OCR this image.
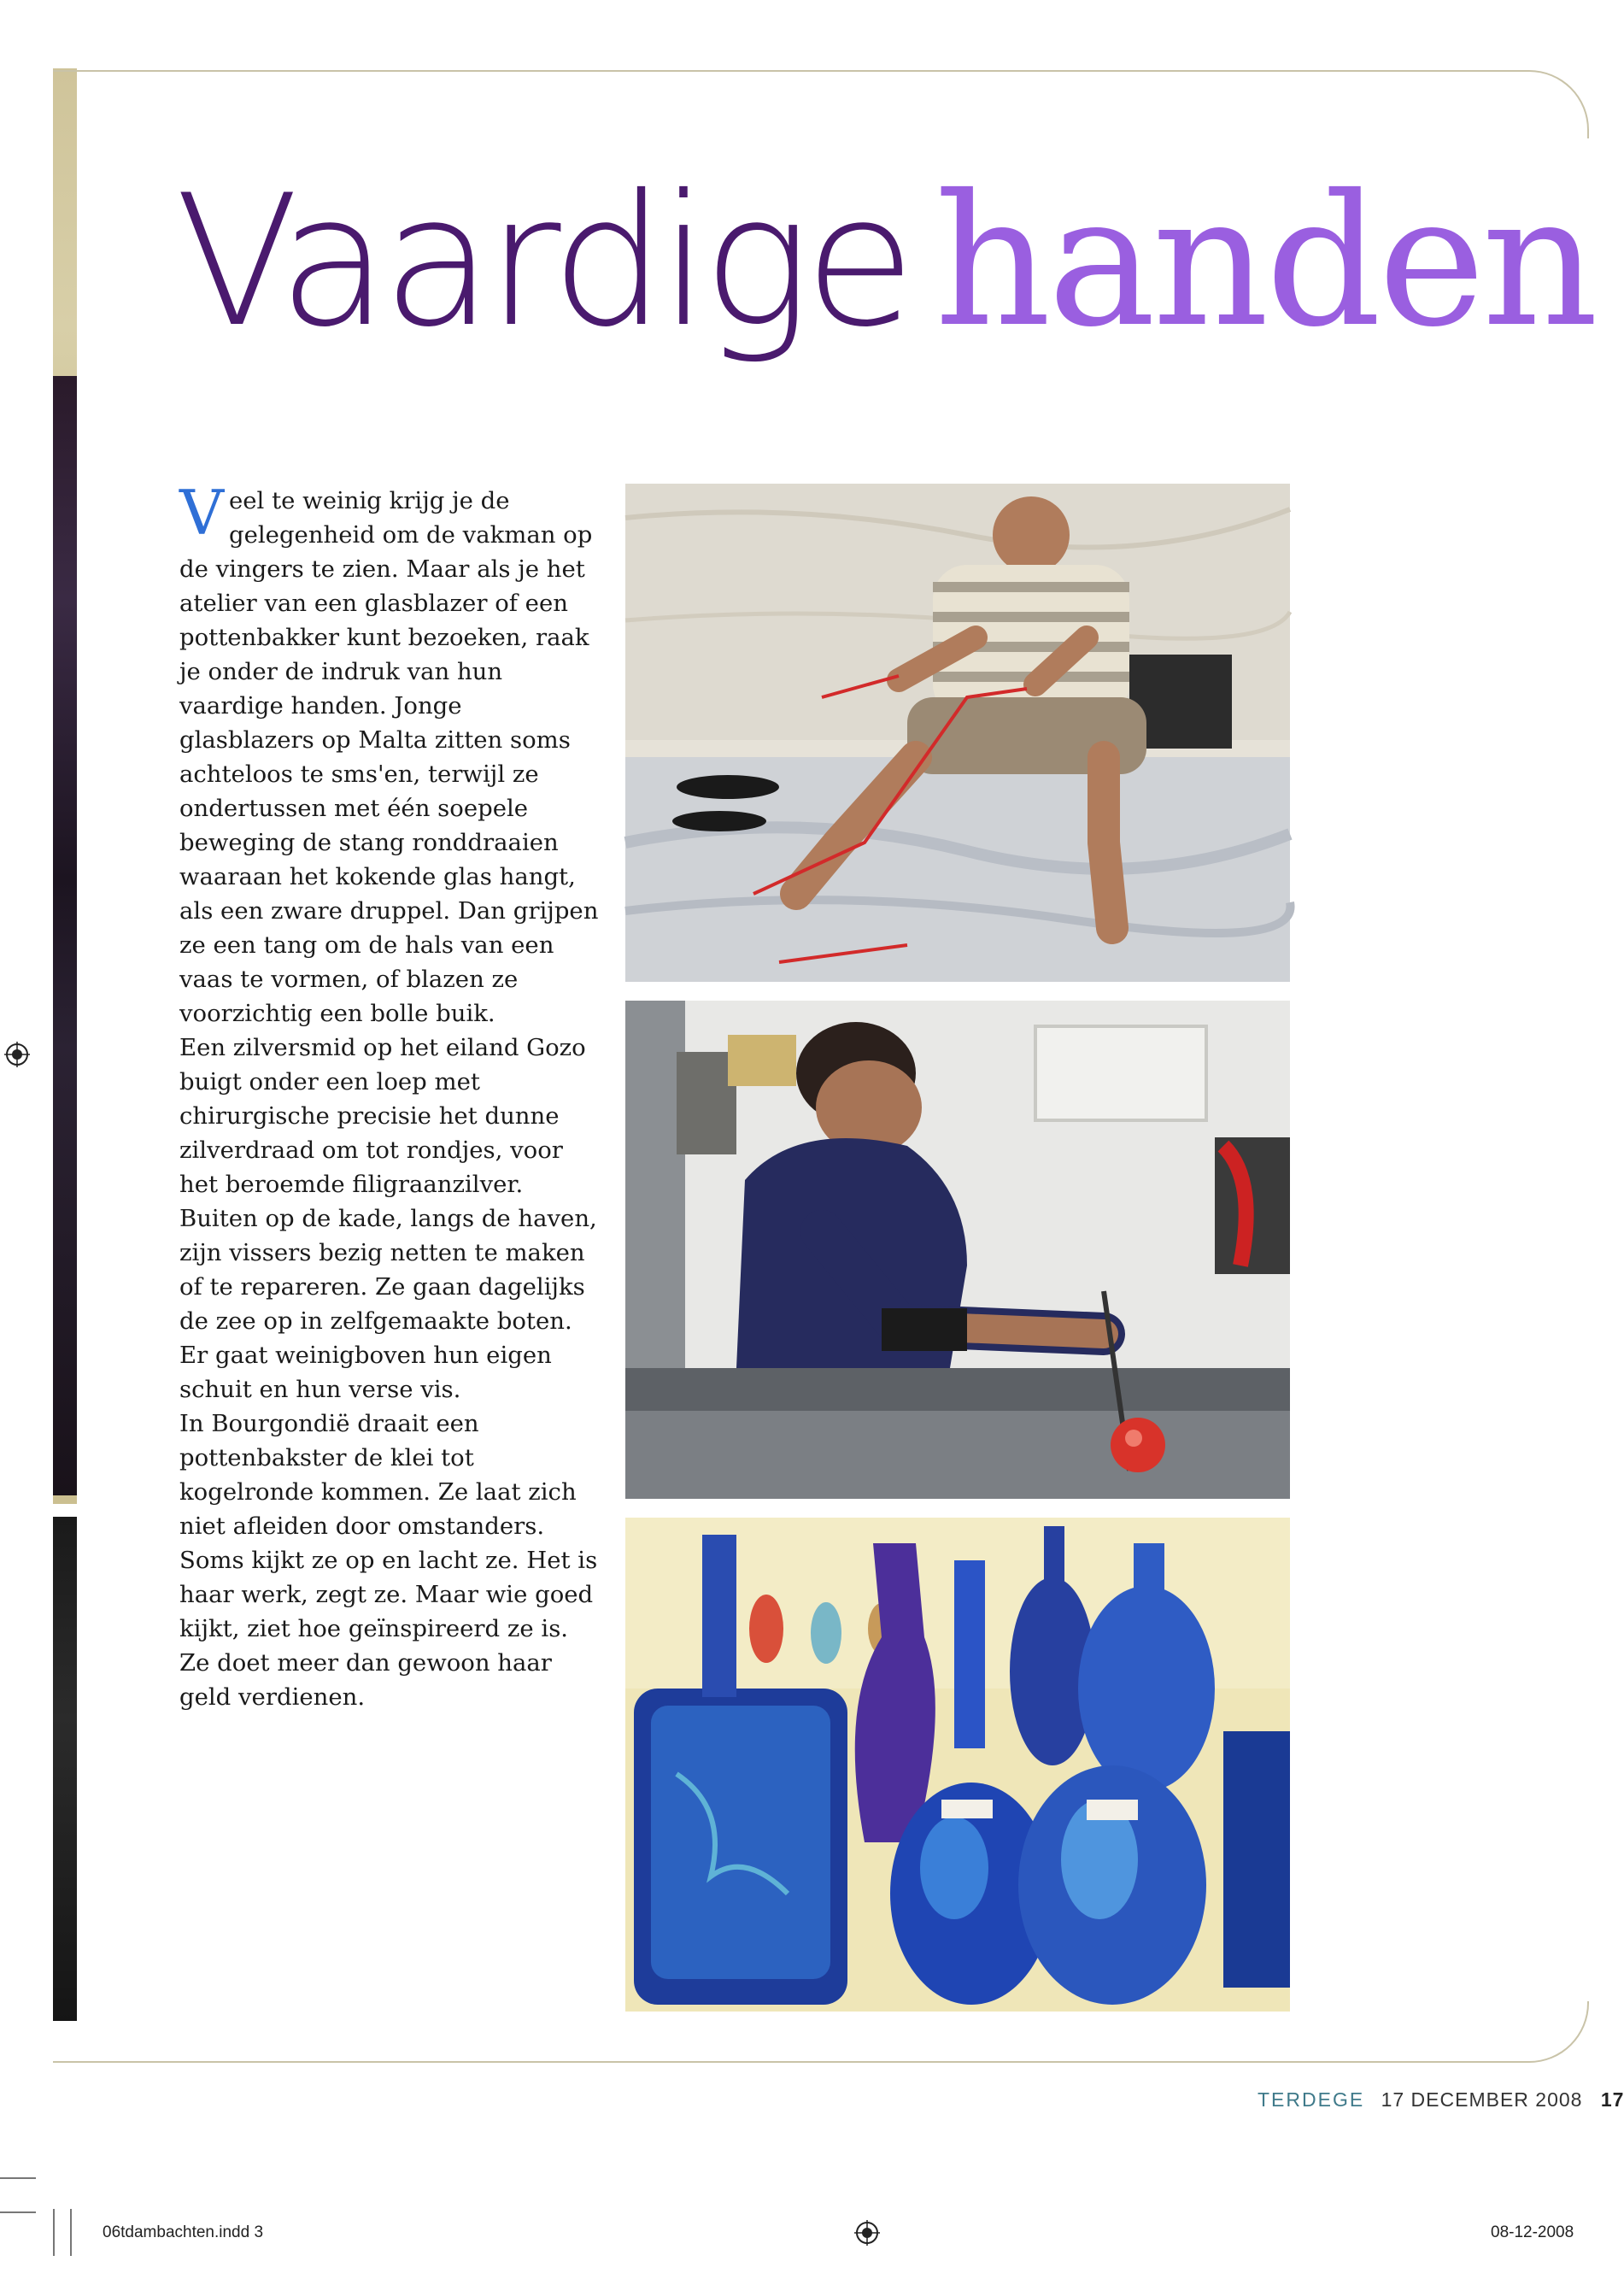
Vaardige handen

Veel te weinig krijg je de gelegenheid om de vakman op de vingers te zien. Maar als je het atelier van een glasblazer of een pottenbakker kunt bezoeken, raak je onder de indruk van hun vaardige handen. Jonge glasblazers op Malta zitten soms achteloos te sms'en, terwijl ze ondertussen met één soepele beweging de stang ronddraaien waaraan het kokende glas hangt, als een zware druppel. Dan grijpen ze een tang om de hals van een vaas te vormen, of blazen ze voorzichtig een bolle buik.

Een zilversmid op het eiland Gozo buigt onder een loep met chirurgische precisie het dunne zilverdraad om tot rondjes, voor het beroemde filigraanzilver.

Buiten op de kade, langs de haven, zijn vissers bezig netten te maken of te repareren. Ze gaan dagelijks de zee op in zelfgemaakte boten. Er gaat weinigboven hun eigen schuit en hun verse vis.

In Bourgondië draait een pottenbakster de klei tot kogelronde kommen. Ze laat zich niet afleiden door omstanders. Soms kijkt ze op en lacht ze. Het is haar werk, zegt ze. Maar wie goed kijkt, ziet hoe geïnspireerd ze is. Ze doet meer dan gewoon haar geld verdienen.

TERDEGE 17 DECEMBER 2008 17
06tdambachten.indd 3	08-12-2008
